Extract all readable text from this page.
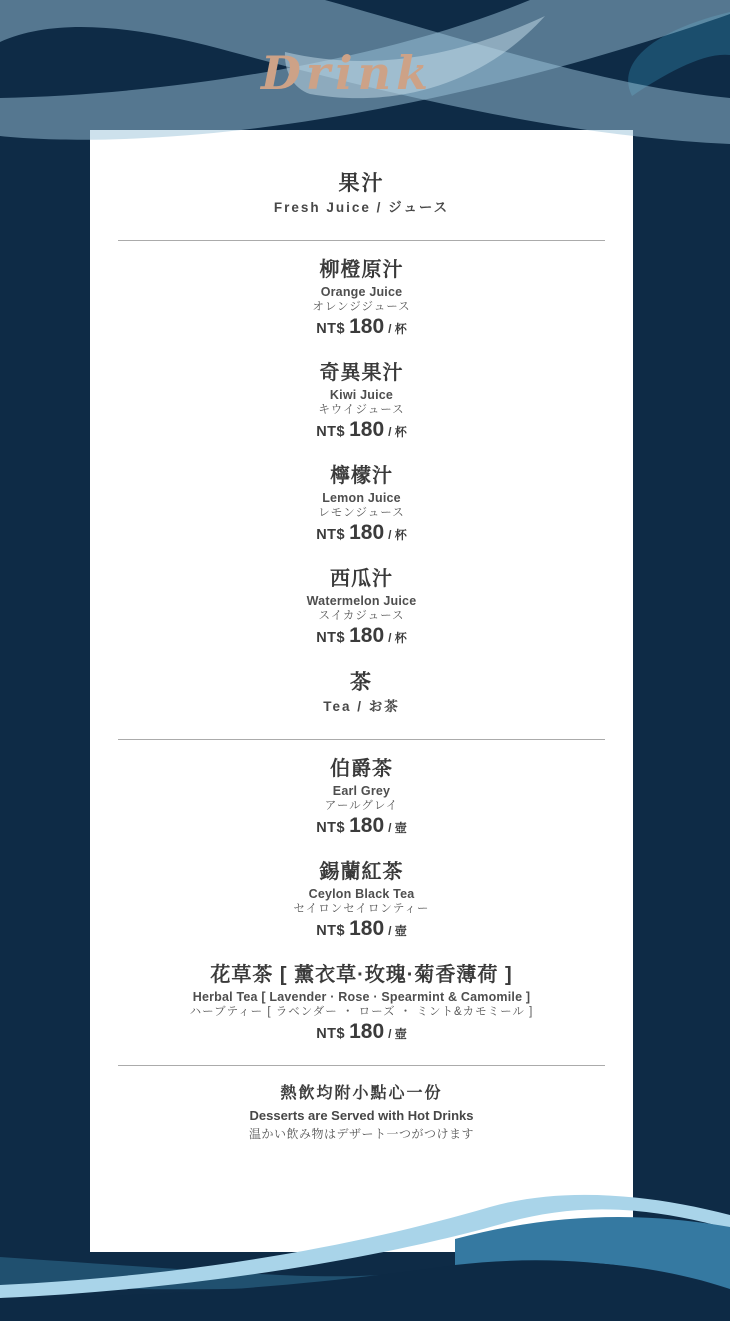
Drink
果汁
Fresh Juice / ジュース
柳橙原汁
Orange Juice
オレンジジュース
NT$ 180 / 杯
奇異果汁
Kiwi Juice
キウイジュース
NT$ 180 / 杯
檸檬汁
Lemon Juice
レモンジュース
NT$ 180 / 杯
西瓜汁
Watermelon Juice
スイカジュース
NT$ 180 / 杯
茶
Tea / お茶
伯爵茶
Earl Grey
アールグレイ
NT$ 180 / 壺
錫蘭紅茶
Ceylon Black Tea
セイロンセイロンティー
NT$ 180 / 壺
花草茶 [ 薰衣草·玫瑰·菊香薄荷 ]
Herbal Tea [ Lavender · Rose · Spearmint & Camomile ]
ハーブティー [ ラベンダー ・ ローズ ・ ミント&カモミール ]
NT$ 180 / 壺
熱飲均附小點心一份
Desserts are Served with Hot Drinks
温かい飲み物はデザート一つがつけます
